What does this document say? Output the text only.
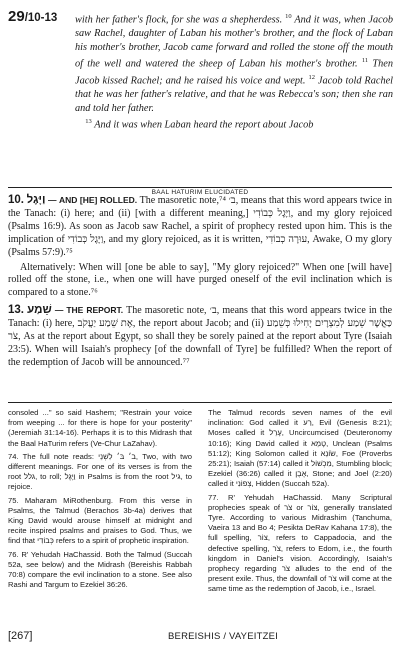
29/10-13 with her father's flock, for she was a shepherdess. $^{10}$ And it was, when Jacob saw Rachel, daughter of Laban his mother's brother, and the flock of Laban his mother's brother, Jacob came forward and rolled the stone off the mouth of the well and watered the sheep of Laban his mother's brother. $^{11}$ Then Jacob kissed Rachel; and he raised his voice and wept. $^{12}$ Jacob told Rachel that he was her father's relative, and that he was Rebecca's son; then she ran and told her father.
$^{13}$ And it was when Laban heard the report about Jacob
BAAL HATURIM ELUCIDATED

10. וַיָּגֶל — AND [HE] ROLLED. The masoretic note,⁷⁴ ב׳, means that this word appears twice in the Tanach: (i) here; and (ii) [with a different meaning,] וַיָּגֶל כְּבוֹדִי, and my glory rejoiced (Psalms 16:9). As soon as Jacob saw Rachel, a spirit of prophecy rested upon him. This is the implication of וַיָּגֶל כְּבוֹדִי, and my glory rejoiced, as it is written, עוּרָה כְבוֹדִי, Awake, O my glory (Psalms 57:9).⁷⁵

Alternatively: When will [one be able to say], "My glory rejoiced?" When one [will have] rolled off the stone, i.e., when one will have purged oneself of the evil inclination which is compared to a stone.⁷⁶

13. שֵׁמַע — THE REPORT. The masoretic note, ב׳, means that this word appears twice in the Tanach: (i) here, אֶת שֵׁמַע יַעֲקֹב, the report about Jacob; and (ii) כַּאֲשֶׁר שֵׁמַע לְמִצְרָיִם יָחִילוּ כְּשֵׁמַע צֹר, As at the report about Egypt, so shall they be sorely pained at the report about Tyre (Isaiah 23:5). When will Isaiah's prophecy [of the downfall of Tyre] be fulfilled? When the report of the redemption of Jacob will be announced.⁷⁷

consoled ..." so said Hashem; "Restrain your voice from weeping ... for there is hope for your posterity" (Jeremiah 31:14-16). Perhaps it is to this Midrash that the Baal HaTurim refers (Ve-Chur LaZahav).

74. The full note reads: ב׳ בּ׳ לִשְׁנֵי, Two, with two different meanings. For one of its verses is from the root גלל, to roll; וַיָּגֶל in Psalms is from the root גיל, to rejoice.

75. Maharam MiRothenburg. From this verse in Psalms, the Talmud (Berachos 3b-4a) derives that King David would arouse himself at midnight and recite inspired psalms and praises to God. Thus, we find that כְּבוֹדִי refers to a spirit of prophetic inspiration.

76. R' Yehudah HaChassid. Both the Talmud (Succah 52a, see below) and the Midrash (Bereishis Rabbah 70:8) compare the evil inclination to a stone. See also Rashi and Targum to Ezekiel 36:26.

The Talmud records seven names of the evil inclination: God called it רַע, Evil (Genesis 8:21); Moses called it עָרֵל, Uncircumcised (Deuteronomy 10:16); King David called it טָמֵא, Unclean (Psalms 51:12); King Solomon called it שׂוֹנֵא, Foe (Proverbs 25:21); Isaiah (57:14) called it מִכְשׁוֹל, Stumbling block; Ezekiel (36:26) called it אֶבֶן, Stone; and Joel (2:20) called it צְפוֹנִי, Hidden (Succah 52a).

77. R' Yehudah HaChassid. Many Scriptural prophecies speak of צֹר or צוֹר, generally translated Tyre. According to various Midrashim (Tanchuma, Vaeira 13 and Bo 4; Pesikta DeRav Kahana 17:8), the full spelling, צוֹר, refers to Cappadocia, and the defective spelling, צֹר, refers to Edom, i.e., the fourth kingdom in Daniel's vision. Accordingly, Isaiah's prophecy regarding צֹר alludes to the end of the present exile. Thus, the downfall of צֹר will come at the same time as the redemption of Jacob, i.e., Israel.

[267]	BEREISHIS / VAYEITZEI
